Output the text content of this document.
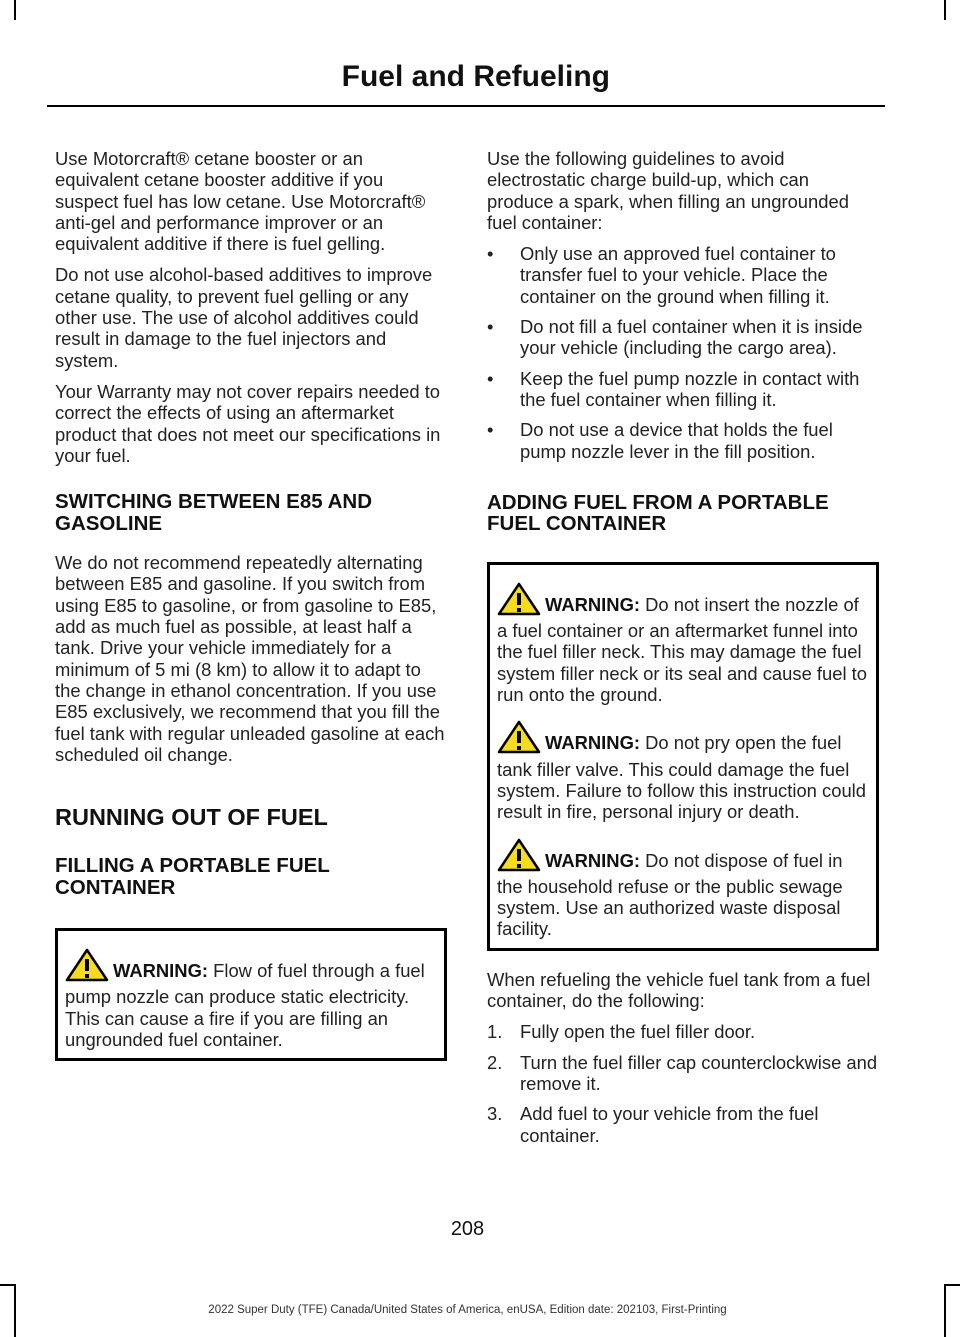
Fuel and Refueling

Use Motorcraft® cetane booster or an equivalent cetane booster additive if you suspect fuel has low cetane. Use Motorcraft® anti-gel and performance improver or an equivalent additive if there is fuel gelling.

Do not use alcohol-based additives to improve cetane quality, to prevent fuel gelling or any other use. The use of alcohol additives could result in damage to the fuel injectors and system.

Your Warranty may not cover repairs needed to correct the effects of using an aftermarket product that does not meet our specifications in your fuel.

SWITCHING BETWEEN E85 AND GASOLINE

We do not recommend repeatedly alternating between E85 and gasoline. If you switch from using E85 to gasoline, or from gasoline to E85, add as much fuel as possible, at least half a tank. Drive your vehicle immediately for a minimum of 5 mi (8 km) to allow it to adapt to the change in ethanol concentration. If you use E85 exclusively, we recommend that you fill the fuel tank with regular unleaded gasoline at each scheduled oil change.

RUNNING OUT OF FUEL
FILLING A PORTABLE FUEL CONTAINER

WARNING: Flow of fuel through a fuel pump nozzle can produce static electricity. This can cause a fire if you are filling an ungrounded fuel container.

Use the following guidelines to avoid electrostatic charge build-up, which can produce a spark, when filling an ungrounded fuel container:

• Only use an approved fuel container to transfer fuel to your vehicle. Place the container on the ground when filling it.
• Do not fill a fuel container when it is inside your vehicle (including the cargo area).
• Keep the fuel pump nozzle in contact with the fuel container when filling it.
• Do not use a device that holds the fuel pump nozzle lever in the fill position.
ADDING FUEL FROM A PORTABLE FUEL CONTAINER

WARNING: Do not insert the nozzle of a fuel container or an aftermarket funnel into the fuel filler neck. This may damage the fuel system filler neck or its seal and cause fuel to run onto the ground.

WARNING: Do not pry open the fuel tank filler valve. This could damage the fuel system. Failure to follow this instruction could result in fire, personal injury or death.

WARNING: Do not dispose of fuel in the household refuse or the public sewage system. Use an authorized waste disposal facility.

When refueling the vehicle fuel tank from a fuel container, do the following:

1. Fully open the fuel filler door.
2. Turn the fuel filler cap counterclockwise and remove it.
3. Add fuel to your vehicle from the fuel container.
208
2022 Super Duty (TFE) Canada/United States of America, enUSA, Edition date: 202103, First-Printing
